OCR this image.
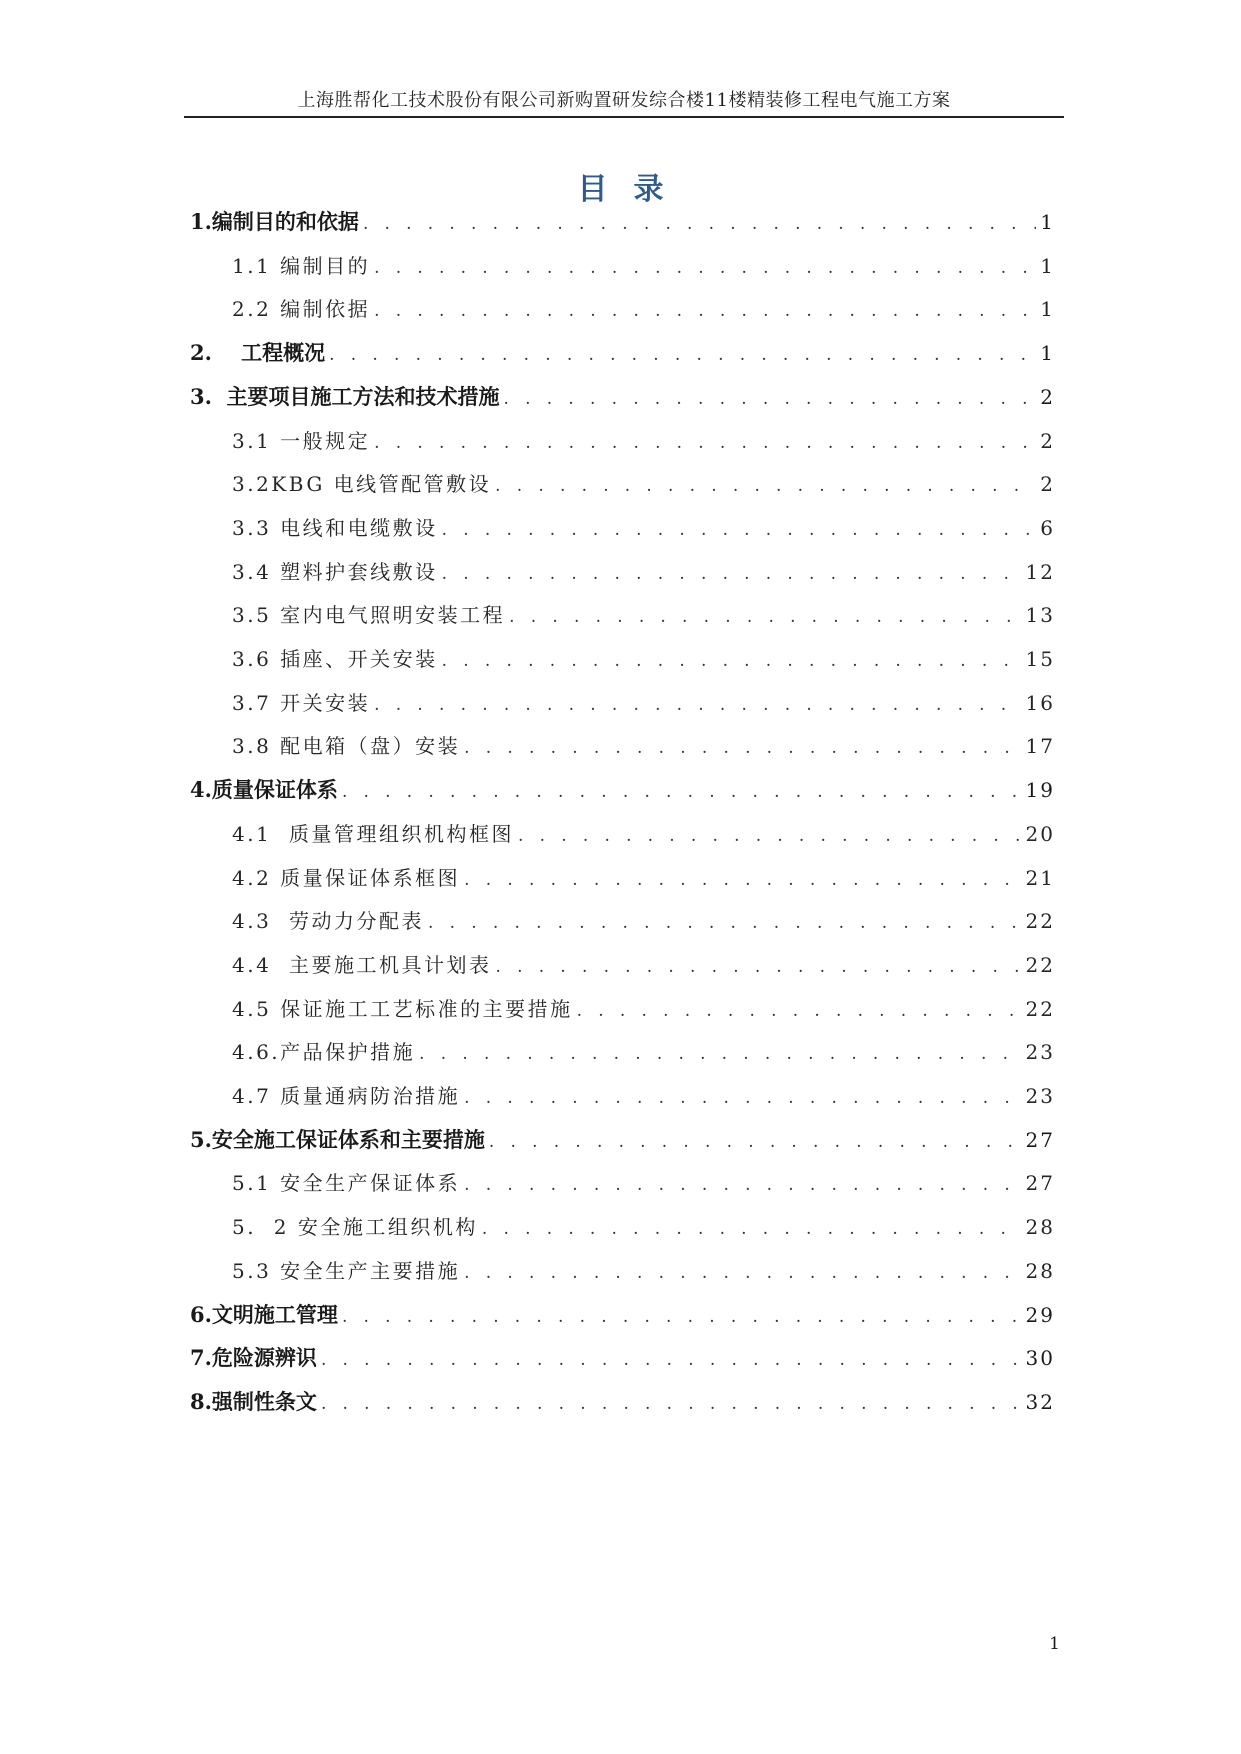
上海胜帮化工技术股份有限公司新购置研发综合楼11楼精装修工程电气施工方案
目录
1.编制目的和依据 . . .	1
1.1 编制目的 . . .	1
2.2 编制依据 . . .	1
2.    工程概况 . . .	1
3.  主要项目施工方法和技术措施 . . .	2
3.1 一般规定 . . .	2
3.2KBG 电线管配管敷设 . . .	2
3.3 电线和电缆敷设 . . .	6
3.4 塑料护套线敷设 . . .	12
3.5 室内电气照明安装工程 . . .	13
3.6 插座、开关安装 . . .	15
3.7 开关安装 . . .	16
3.8 配电箱（盘）安装 . . .	17
4.质量保证体系 . . .	19
4.1  质量管理组织机构框图 . . .	20
4.2 质量保证体系框图 . . .	21
4.3  劳动力分配表 . . .	22
4.4  主要施工机具计划表 . . .	22
4.5 保证施工工艺标准的主要措施 . . .	22
4.6.产品保护措施 . . .	23
4.7 质量通病防治措施 . . .	23
5.安全施工保证体系和主要措施 . . .	27
5.1 安全生产保证体系 . . .	27
5.  2 安全施工组织机构 . . .	28
5.3 安全生产主要措施 . . .	28
6.文明施工管理 . . .	29
7.危险源辨识 . . .	30
8.强制性条文 . . .	32
1
